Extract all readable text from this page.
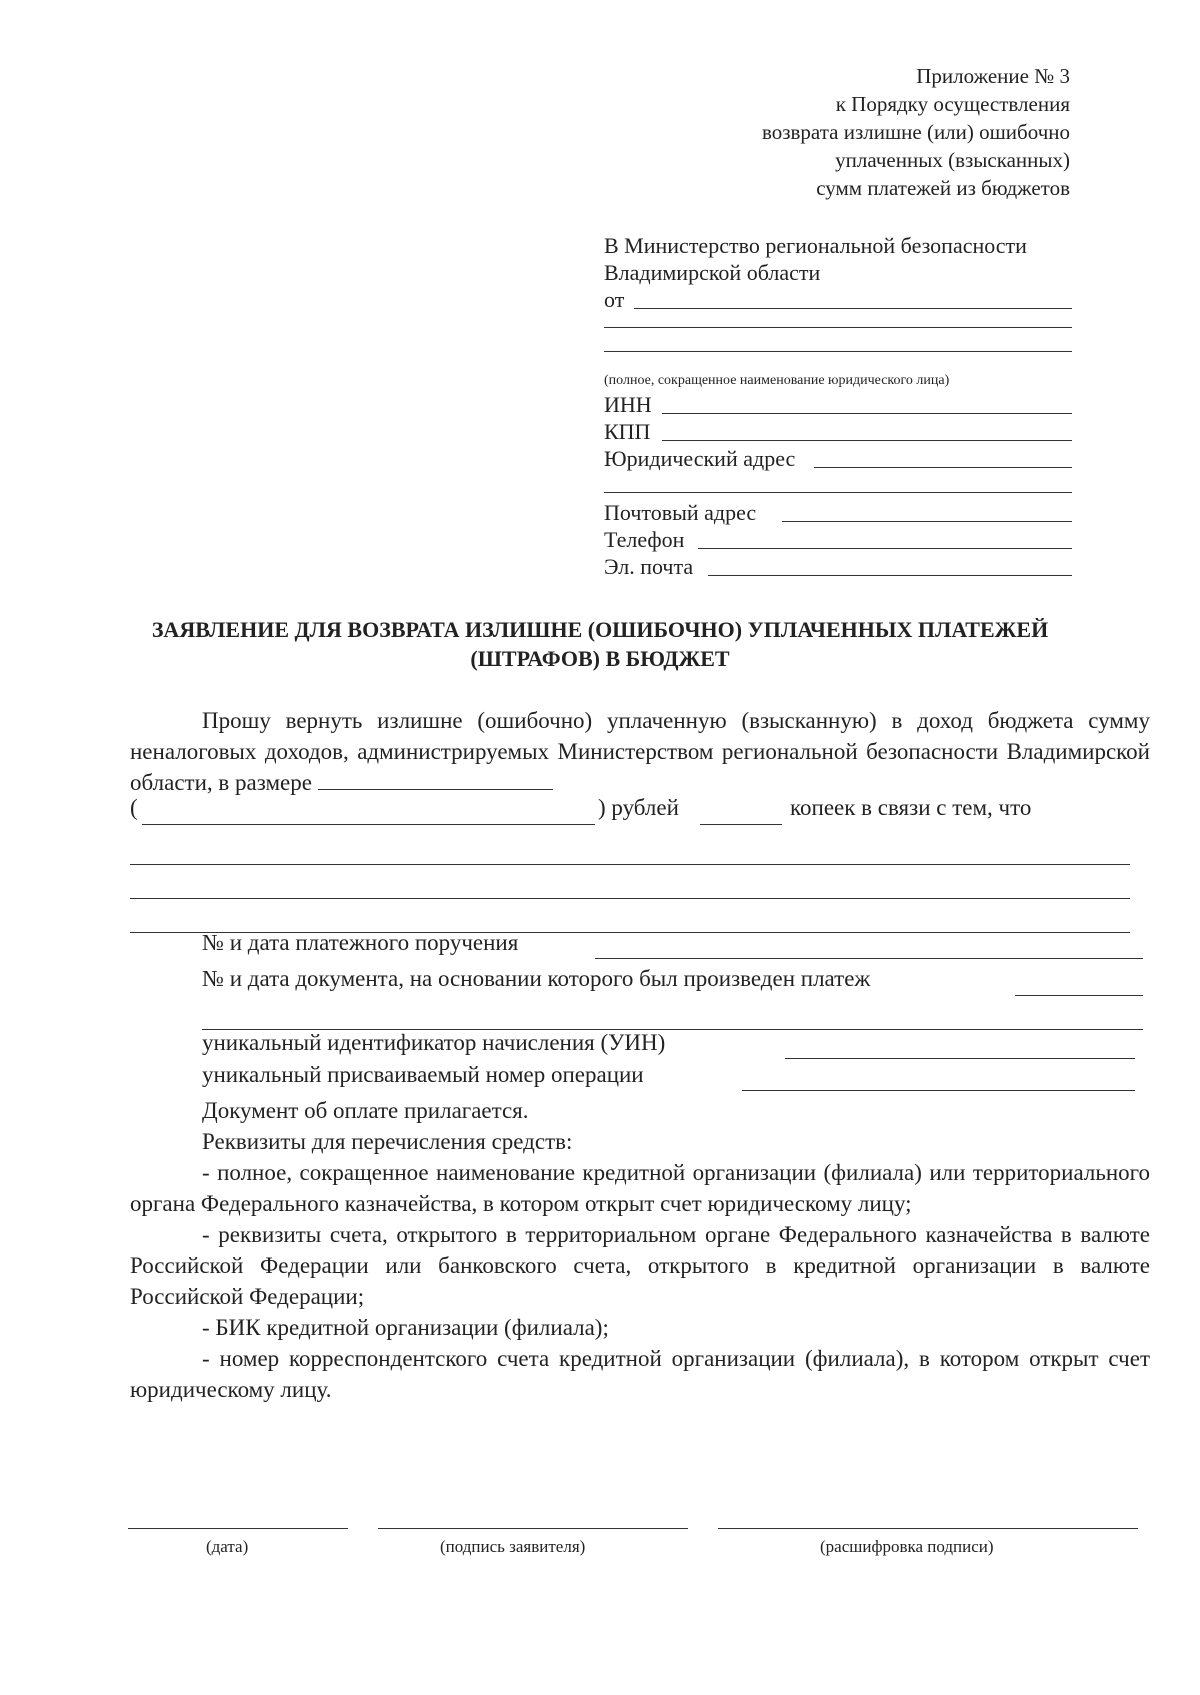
Приложение № 3
к Порядку осуществления
возврата излишне (или) ошибочно
уплаченных (взысканных)
сумм платежей из бюджетов
В Министерство региональной безопасности
Владимирской области
от
(полное, сокращенное наименование юридического лица)
ИНН
КПП
Юридический адрес
Почтовый адрес
Телефон
Эл. почта
ЗАЯВЛЕНИЕ ДЛЯ ВОЗВРАТА ИЗЛИШНЕ (ОШИБОЧНО) УПЛАЧЕННЫХ ПЛАТЕЖЕЙ
(ШТРАФОВ) В БЮДЖЕТ
Прошу вернуть излишне (ошибочно) уплаченную (взысканную) в доход бюджета сумму неналоговых доходов, администрируемых Министерством региональной безопасности Владимирской области, в размере
(	) рублей	копеек в связи с тем, что
№ и дата платежного поручения
№ и дата документа, на основании которого был произведен платеж
уникальный идентификатор начисления (УИН)
уникальный присваиваемый номер операции

Документ об оплате прилагается.

Реквизиты для перечисления средств:

- полное, сокращенное наименование кредитной организации (филиала) или территориального органа Федерального казначейства, в котором открыт счет юридическому лицу;

- реквизиты счета, открытого в территориальном органе Федерального казначейства в валюте Российской Федерации или банковского счета, открытого в кредитной организации в валюте Российской Федерации;

- БИК кредитной организации (филиала);

- номер корреспондентского счета кредитной организации (филиала), в котором открыт счет юридическому лицу.

(дата)	(подпись заявителя)	(расшифровка подписи)
